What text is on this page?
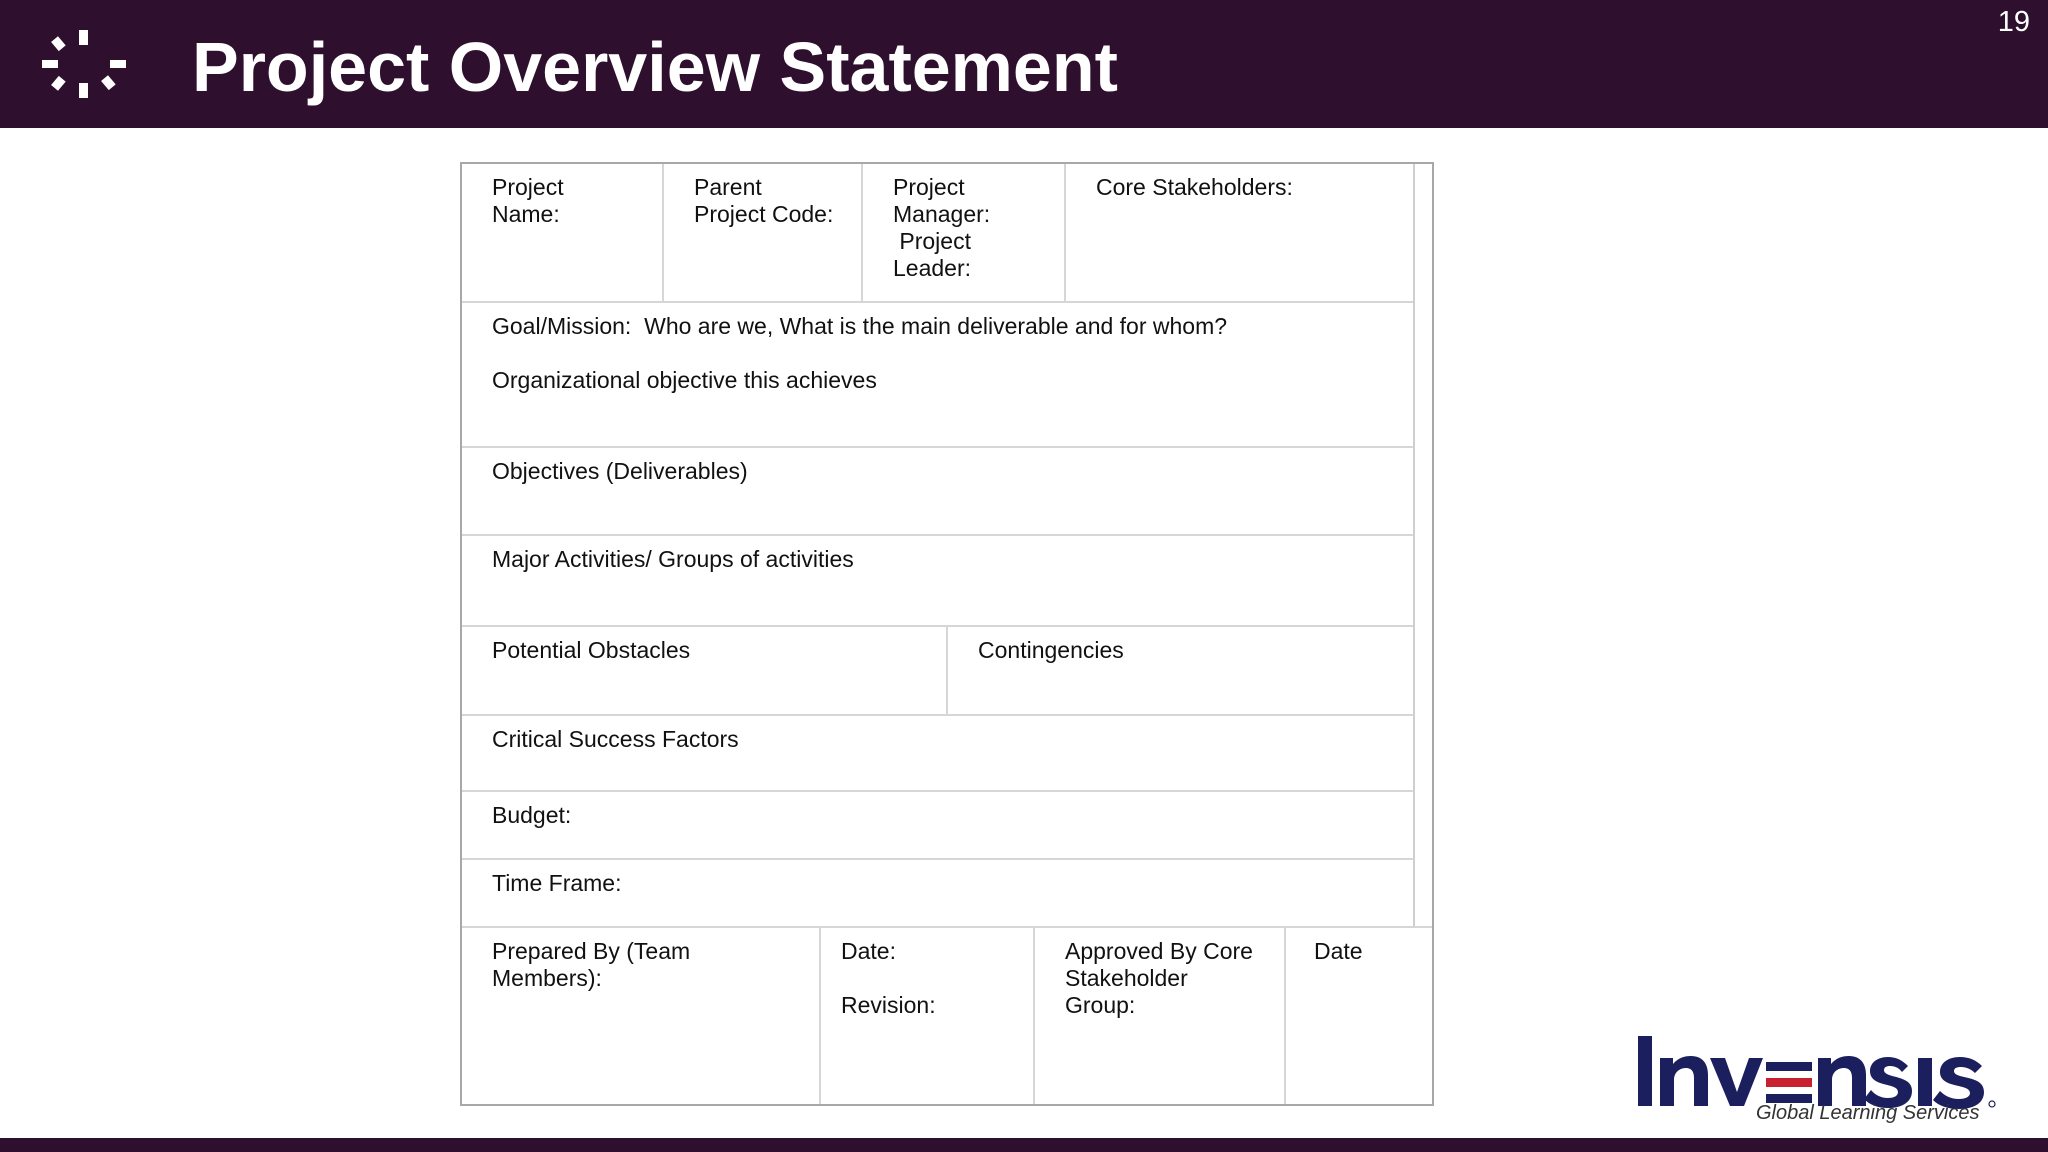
Project Overview Statement
19
Project
Name:
Parent
Project Code:
Project
Manager:
Project
Leader:
Core Stakeholders:
Goal/Mission:  Who are we, What is the main deliverable and for whom?

Organizational objective this achieves
Objectives (Deliverables)
Major Activities/ Groups of activities
Potential Obstacles	Contingencies
Critical Success Factors
Budget:
Time Frame:
Prepared By (Team
Members):
Date:

Revision:
Approved By Core
Stakeholder
Group:
Date
Global Learning Services
